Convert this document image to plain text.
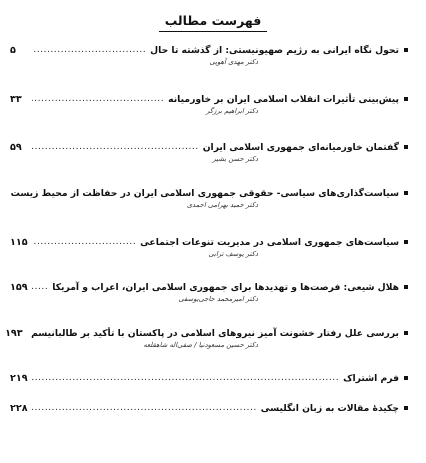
فهرست مطالب
تحول نگاه ایرانی به رژیم صهیونیستی: از گذشته تا حال
.....
۵
دکتر مهدی آهویی
پیش‌بینی تأثیرات انقلاب اسلامی ایران بر خاورمیانه
.....
۳۳
دکتر ابراهیم برزگر
گفتمان خاورمیانه‌ای جمهوری اسلامی ایران
.....
۵۹
دکتر حسن بشیر
سیاست‌گذاری‌های سیاسی- حقوقی جمهوری اسلامی ایران در حفاظت از محیط زیست
دکتر حمید بهرامی احمدی
سیاست‌های جمهوری اسلامی در مدیریت تنوعات اجتماعی
.....
۱۱۵
دکتر یوسف ترابی
هلال شیعی: فرصت‌ها و تهدیدها برای جمهوری اسلامی ایران، اعراب و آمریکا
.....
۱۵۹
دکتر امیرمحمد حاجی‌یوسفی
بررسی علل رفتار خشونت آمیز نیروهای اسلامی در پاکستان با تأکید بر طالبانیسم
۱۹۳
دکتر حسین مسعودنیا / صفی‌اله شاهقلعه
فرم اشتراک
.....
۲۱۹
چکیدهٔ مقالات به زبان انگلیسی
.....
۲۲۸
